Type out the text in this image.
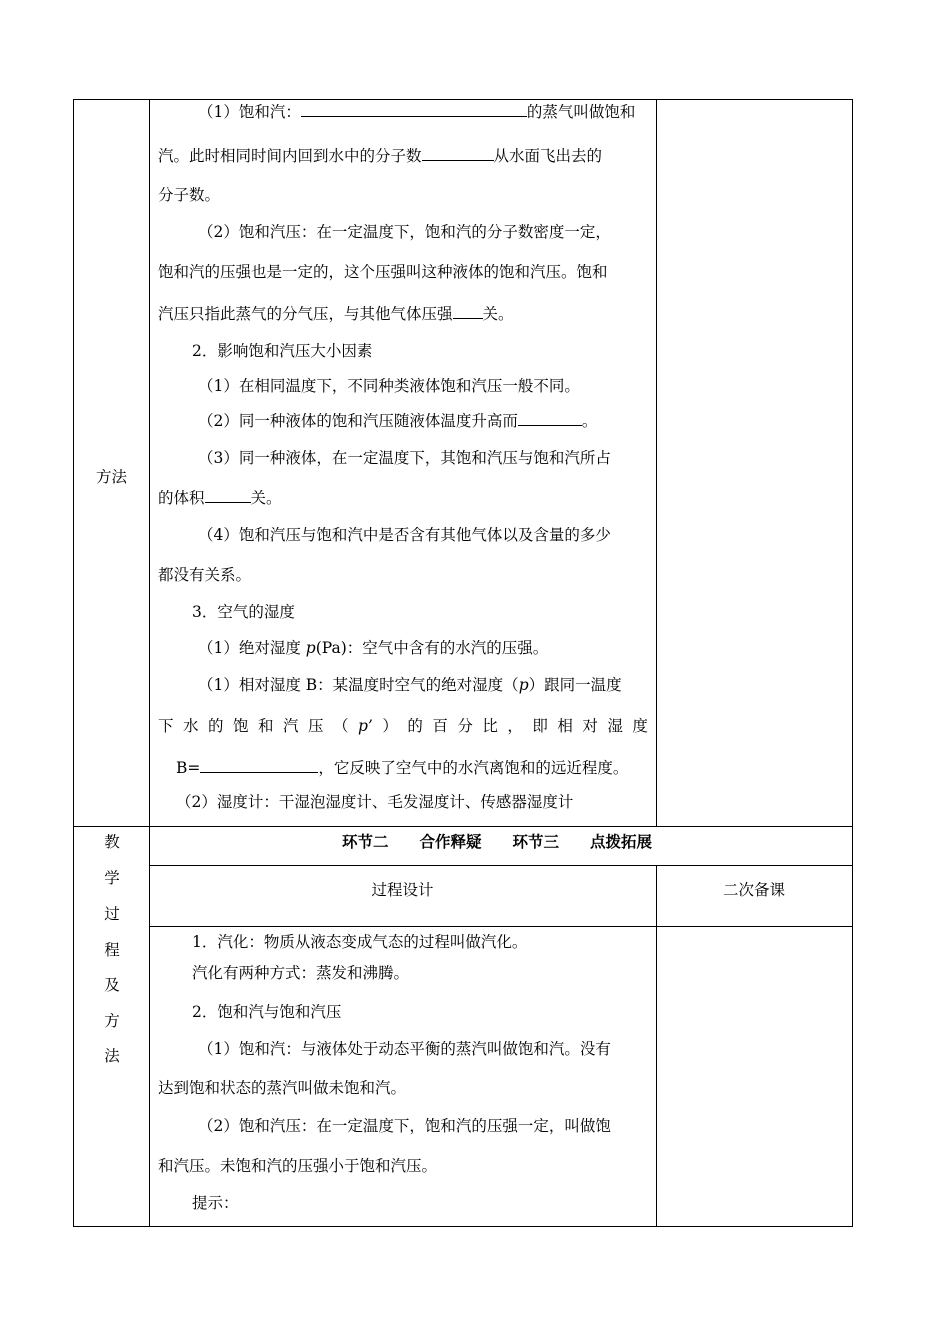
方法
（1）饱和汽：	的蒸气叫做饱和
汽。此时相同时间内回到水中的分子数	从水面飞出去的
分子数。
（2）饱和汽压：在一定温度下，饱和汽的分子数密度一定，
饱和汽的压强也是一定的，这个压强叫这种液体的饱和汽压。饱和
汽压只指此蒸气的分气压，与其他气体压强 关。
2．影响饱和汽压大小因素
（1）在相同温度下，不同种类液体饱和汽压一般不同。
（2）同一种液体的饱和汽压随液体温度升高而	。
（3）同一种液体，在一定温度下，其饱和汽压与饱和汽所占
的体积	关。
（4）饱和汽压与饱和汽中是否含有其他气体以及含量的多少
都没有关系。
3．空气的湿度
（1）绝对湿度 p(Pa)：空气中含有的水汽的压强。
（1）相对湿度 B：某温度时空气的绝对湿度（p）跟同一温度
下 水 的 饱 和 汽 压 （ p’ ） 的 百 分 比 ， 即 相 对 湿 度
B=	，它反映了空气中的水汽离饱和的远近程度。
（2）湿度计：干湿泡湿度计、毛发湿度计、传感器湿度计
教
学
过
程
及
方
法
环节二　　合作释疑　　环节三　　点拨拓展
过程设计	二次备课
1．汽化：物质从液态变成气态的过程叫做汽化。
汽化有两种方式：蒸发和沸腾。
2．饱和汽与饱和汽压
（1）饱和汽：与液体处于动态平衡的蒸汽叫做饱和汽。没有
达到饱和状态的蒸汽叫做未饱和汽。
（2）饱和汽压：在一定温度下，饱和汽的压强一定，叫做饱
和汽压。未饱和汽的压强小于饱和汽压。
提示：
